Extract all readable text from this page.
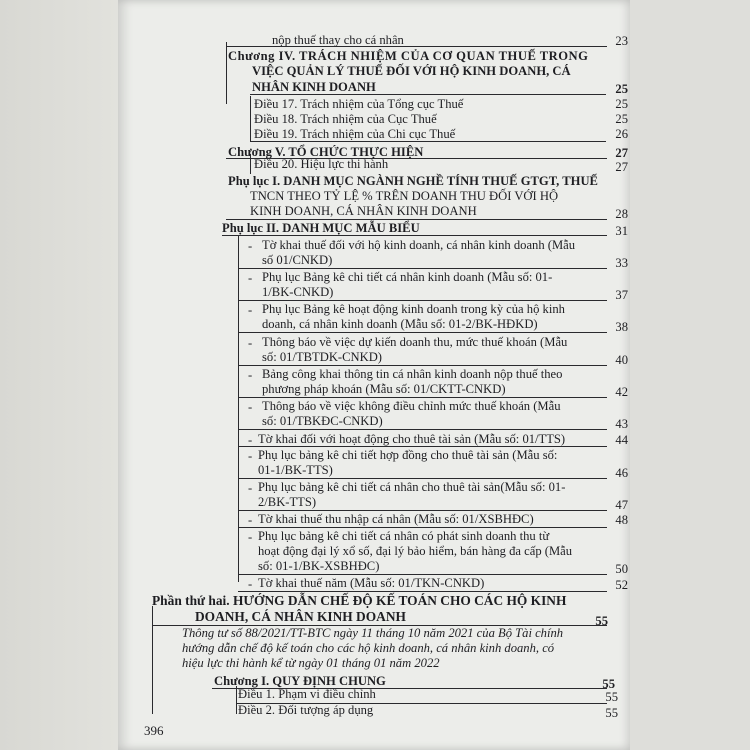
nộp thuế thay cho cá nhân	23
Chương IV. TRÁCH NHIỆM CỦA CƠ QUAN THUẾ TRONG
VIỆC QUẢN LÝ THUẾ ĐỐI VỚI HỘ KINH DOANH, CÁ
NHÂN KINH DOANH	25
Điều 17. Trách nhiệm của Tổng cục Thuế	25
Điều 18. Trách nhiệm của Cục Thuế	25
Điều 19. Trách nhiệm của Chi cục Thuế	26
Chương V. TỔ CHỨC THỰC HIỆN	27
Điều 20. Hiệu lực thi hành	27
Phụ lục I. DANH MỤC NGÀNH NGHỀ TÍNH THUẾ GTGT, THUẾ
TNCN THEO TỶ LỆ % TRÊN DOANH THU ĐỐI VỚI HỘ
KINH DOANH, CÁ NHÂN KINH DOANH	28
Phụ lục II. DANH MỤC MẪU BIỂU	31
- Tờ khai thuế đối với hộ kinh doanh, cá nhân kinh doanh (Mẫu
số 01/CNKD)	33
- Phụ lục Bảng kê chi tiết cá nhân kinh doanh (Mẫu số: 01-
1/BK-CNKD)	37
- Phụ lục Bảng kê hoạt động kinh doanh trong kỳ của hộ kinh
doanh, cá nhân kinh doanh (Mẫu số: 01-2/BK-HĐKD)	38
- Thông báo về việc dự kiến doanh thu, mức thuế khoán (Mẫu
số: 01/TBTDK-CNKD)	40
- Bảng công khai thông tin cá nhân kinh doanh nộp thuế theo
phương pháp khoán (Mẫu số: 01/CKTT-CNKD)	42
- Thông báo về việc không điều chỉnh mức thuế khoán (Mẫu
số: 01/TBKĐC-CNKD)	43
- Tờ khai đối với hoạt động cho thuê tài sản (Mẫu số: 01/TTS)	44
- Phụ lục bảng kê chi tiết hợp đồng cho thuê tài sản (Mẫu số:
01-1/BK-TTS)	46
- Phụ lục bảng kê chi tiết cá nhân cho thuê tài sản(Mẫu số: 01-
2/BK-TTS)	47
- Tờ khai thuế thu nhập cá nhân (Mẫu số: 01/XSBHĐC)	48
- Phụ lục bảng kê chi tiết cá nhân có phát sinh doanh thu từ
hoạt động đại lý xổ số, đại lý bảo hiểm, bán hàng đa cấp (Mẫu
số: 01-1/BK-XSBHĐC)	50
- Tờ khai thuế năm (Mẫu số: 01/TKN-CNKD)	52
Phần thứ hai. HƯỚNG DẪN CHẾ ĐỘ KẾ TOÁN CHO CÁC HỘ KINH
DOANH, CÁ NHÂN KINH DOANH	55
Thông tư số 88/2021/TT-BTC ngày 11 tháng 10 năm 2021 của Bộ Tài chính
hướng dẫn chế độ kế toán cho các hộ kinh doanh, cá nhân kinh doanh, có
hiệu lực thi hành kể từ ngày 01 tháng 01 năm 2022
Chương I. QUY ĐỊNH CHUNG	55
Điều 1. Phạm vi điều chỉnh	55
Điều 2. Đối tượng áp dụng	55
396
